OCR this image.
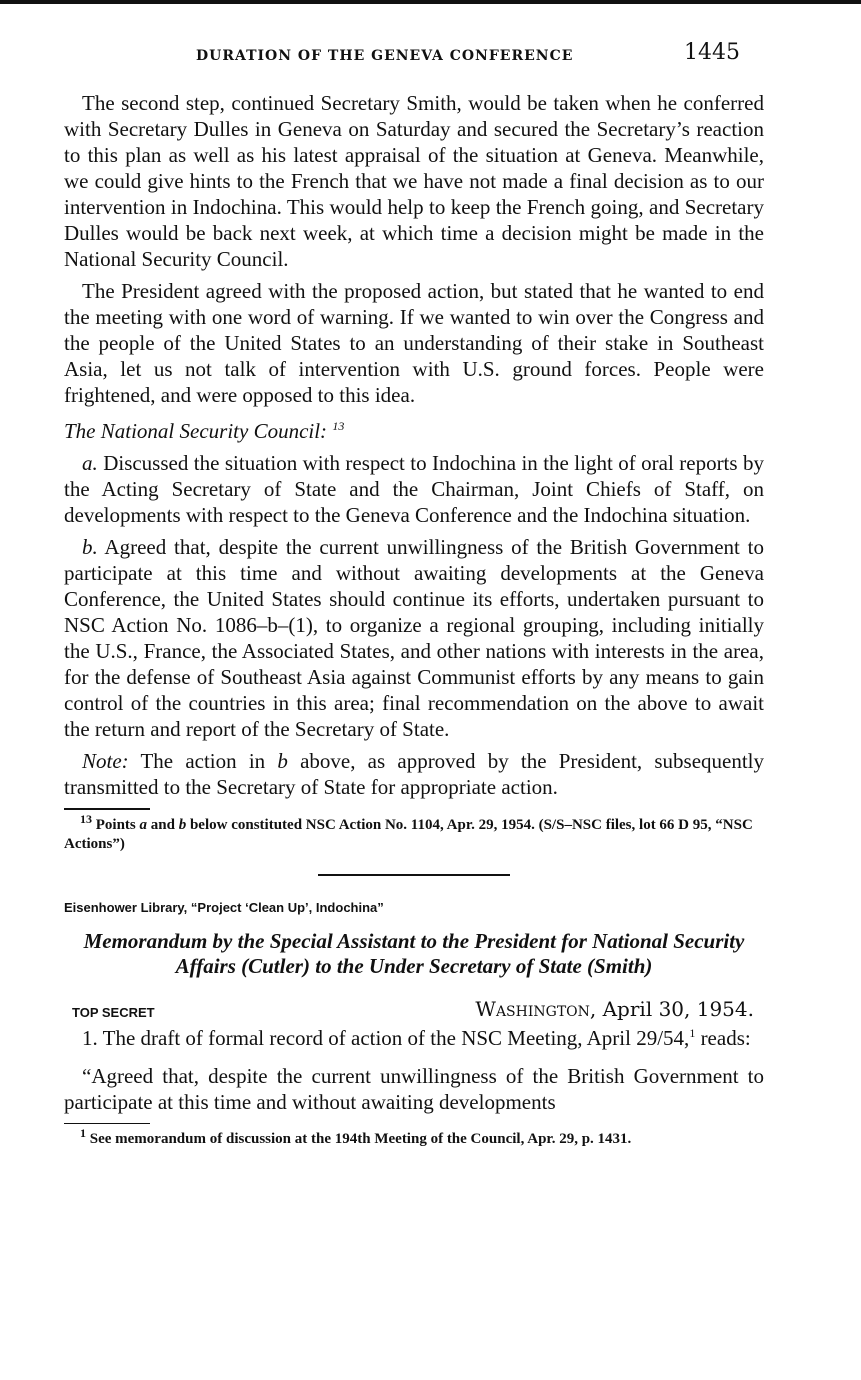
DURATION OF THE GENEVA CONFERENCE	1445

The second step, continued Secretary Smith, would be taken when he conferred with Secretary Dulles in Geneva on Saturday and secured the Secretary’s reaction to this plan as well as his latest appraisal of the situation at Geneva. Meanwhile, we could give hints to the French that we have not made a final decision as to our intervention in Indochina. This would help to keep the French going, and Secretary Dulles would be back next week, at which time a decision might be made in the National Security Council.

The President agreed with the proposed action, but stated that he wanted to end the meeting with one word of warning. If we wanted to win over the Congress and the people of the United States to an understanding of their stake in Southeast Asia, let us not talk of intervention with U.S. ground forces. People were frightened, and were opposed to this idea.

The National Security Council: $^{13}$

a. Discussed the situation with respect to Indochina in the light of oral reports by the Acting Secretary of State and the Chairman, Joint Chiefs of Staff, on developments with respect to the Geneva Conference and the Indochina situation.

b. Agreed that, despite the current unwillingness of the British Government to participate at this time and without awaiting developments at the Geneva Conference, the United States should continue its efforts, undertaken pursuant to NSC Action No. 1086–b–(1), to organize a regional grouping, including initially the U.S., France, the Associated States, and other nations with interests in the area, for the defense of Southeast Asia against Communist efforts by any means to gain control of the countries in this area; final recommendation on the above to await the return and report of the Secretary of State.

Note: The action in b above, as approved by the President, subsequently transmitted to the Secretary of State for appropriate action.

$^{13}$ Points a and b below constituted NSC Action No. 1104, Apr. 29, 1954. (S/S–NSC files, lot 66 D 95, “NSC Actions”)

Eisenhower Library, “Project ‘Clean Up’, Indochina”

Memorandum by the Special Assistant to the President for National Security Affairs (Cutler) to the Under Secretary of State (Smith)

TOP SECRET	Washington, April 30, 1954.

1. The draft of formal record of action of the NSC Meeting, April 29/54,$^1$ reads:

“Agreed that, despite the current unwillingness of the British Government to participate at this time and without awaiting developments

$^1$ See memorandum of discussion at the 194th Meeting of the Council, Apr. 29, p. 1431.
